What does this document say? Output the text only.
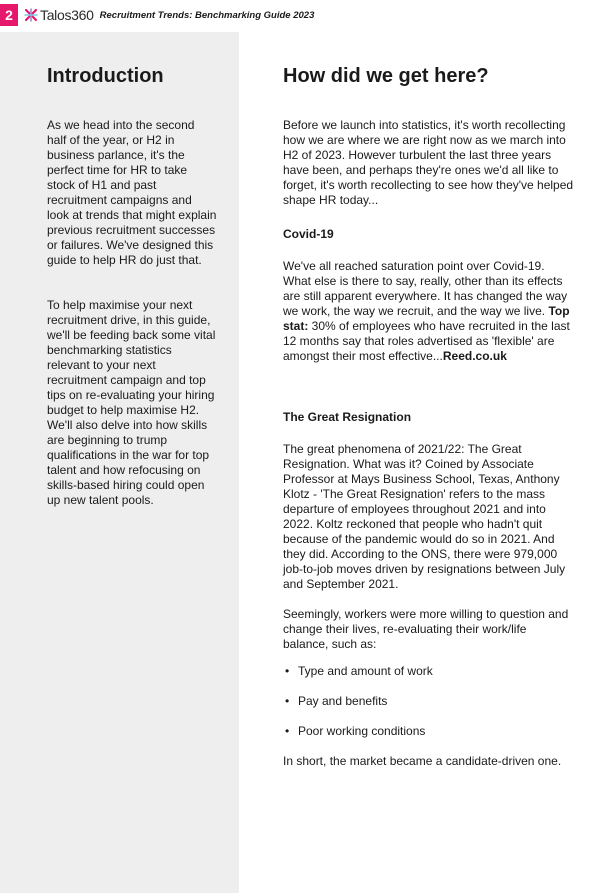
2	Talos360 Recruitment Trends: Benchmarking Guide 2023
Introduction

As we head into the second half of the year, or H2 in business parlance, it's the perfect time for HR to take stock of H1 and past recruitment campaigns and look at trends that might explain previous recruitment successes or failures. We've designed this guide to help HR do just that.

To help maximise your next recruitment drive, in this guide, we'll be feeding back some vital benchmarking statistics relevant to your next recruitment campaign and top tips on re-evaluating your hiring budget to help maximise H2. We'll also delve into how skills are beginning to trump qualifications in the war for top talent and how refocusing on skills-based hiring could open up new talent pools.

How did we get here?

Before we launch into statistics, it's worth recollecting how we are where we are right now as we march into H2 of 2023. However turbulent the last three years have been, and perhaps they're ones we'd all like to forget, it's worth recollecting to see how they've helped shape HR today...

Covid-19

We've all reached saturation point over Covid-19. What else is there to say, really, other than its effects are still apparent everywhere. It has changed the way we work, the way we recruit, and the way we live. Top stat: 30% of employees who have recruited in the last 12 months say that roles advertised as 'flexible' are amongst their most effective...Reed.co.uk

The Great Resignation

The great phenomena of 2021/22: The Great Resignation. What was it? Coined by Associate Professor at Mays Business School, Texas, Anthony Klotz - 'The Great Resignation' refers to the mass departure of employees throughout 2021 and into 2022. Koltz reckoned that people who hadn't quit because of the pandemic would do so in 2021. And they did. According to the ONS, there were 979,000 job-to-job moves driven by resignations between July and September 2021.

Seemingly, workers were more willing to question and change their lives, re-evaluating their work/life balance, such as:

• Type and amount of work
• Pay and benefits
• Poor working conditions

In short, the market became a candidate-driven one.
